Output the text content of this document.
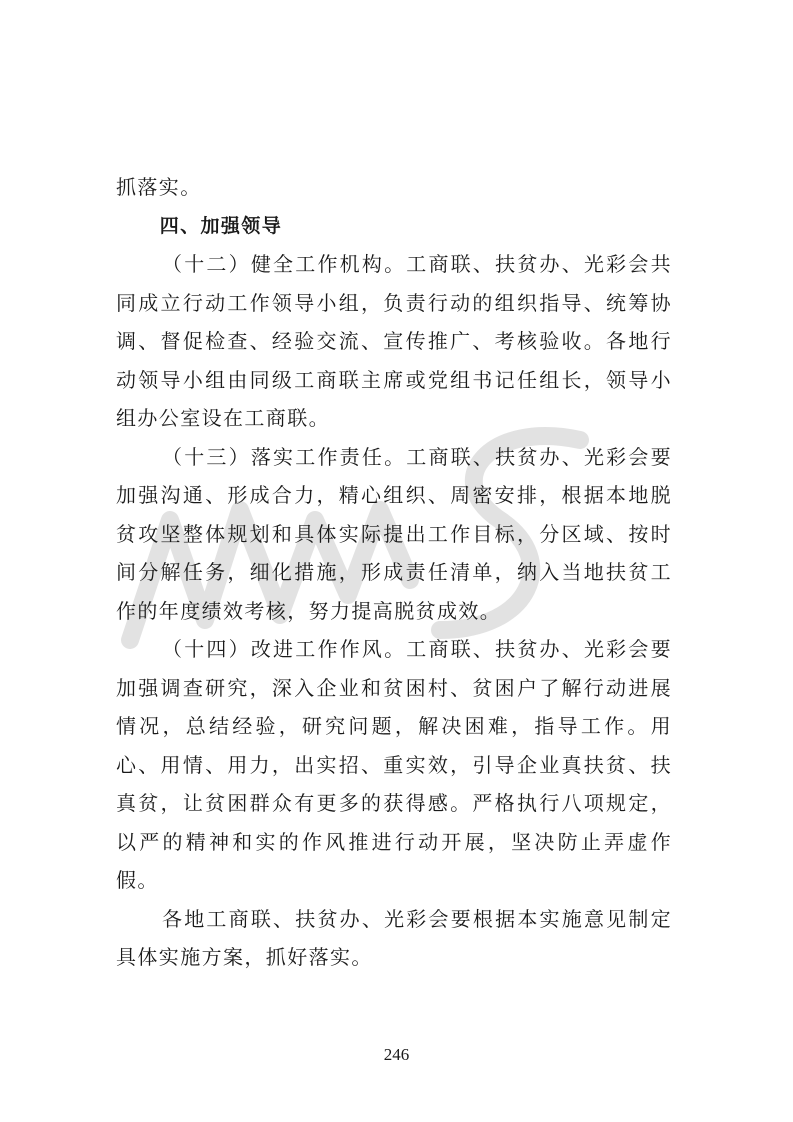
抓落实。

四、加强领导

（十二）健全工作机构。工商联、扶贫办、光彩会共同成立行动工作领导小组，负责行动的组织指导、统筹协调、督促检查、经验交流、宣传推广、考核验收。各地行动领导小组由同级工商联主席或党组书记任组长，领导小组办公室设在工商联。

（十三）落实工作责任。工商联、扶贫办、光彩会要加强沟通、形成合力，精心组织、周密安排，根据本地脱贫攻坚整体规划和具体实际提出工作目标，分区域、按时间分解任务，细化措施，形成责任清单，纳入当地扶贫工作的年度绩效考核，努力提高脱贫成效。

（十四）改进工作作风。工商联、扶贫办、光彩会要加强调查研究，深入企业和贫困村、贫困户了解行动进展情况，总结经验，研究问题，解决困难，指导工作。用心、用情、用力，出实招、重实效，引导企业真扶贫、扶真贫，让贫困群众有更多的获得感。严格执行八项规定，以严的精神和实的作风推进行动开展，坚决防止弄虚作假。

各地工商联、扶贫办、光彩会要根据本实施意见制定具体实施方案，抓好落实。

246
